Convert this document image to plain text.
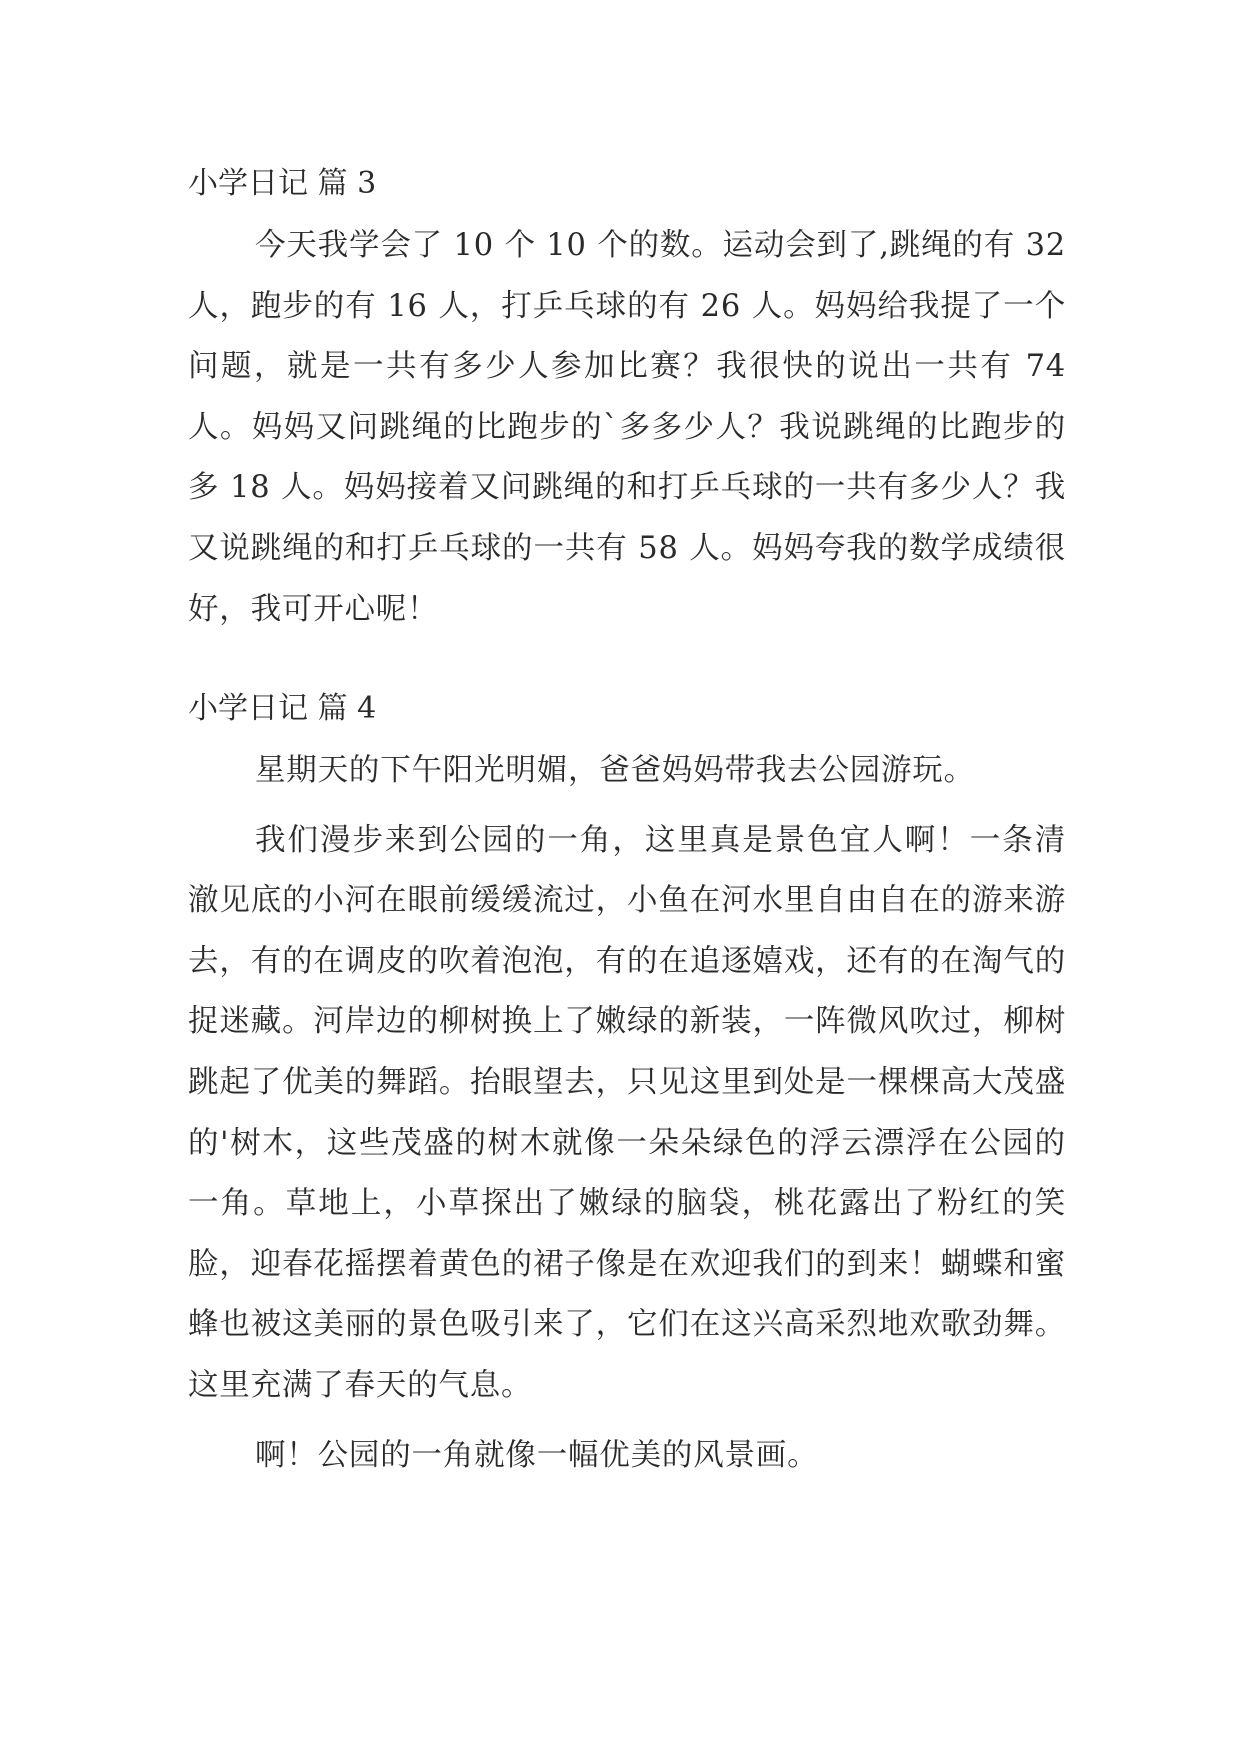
小学日记 篇 3

今天我学会了 10 个 10 个的数。运动会到了,跳绳的有 32 人，跑步的有 16 人，打乒乓球的有 26 人。妈妈给我提了一个问题，就是一共有多少人参加比赛？我很快的说出一共有 74 人。妈妈又问跳绳的比跑步的`多多少人？我说跳绳的比跑步的多 18 人。妈妈接着又问跳绳的和打乒乓球的一共有多少人？我又说跳绳的和打乒乓球的一共有 58 人。妈妈夸我的数学成绩很好，我可开心呢！

小学日记 篇 4

星期天的下午阳光明媚，爸爸妈妈带我去公园游玩。

我们漫步来到公园的一角，这里真是景色宜人啊！一条清澈见底的小河在眼前缓缓流过，小鱼在河水里自由自在的游来游去，有的在调皮的吹着泡泡，有的在追逐嬉戏，还有的在淘气的捉迷藏。河岸边的柳树换上了嫩绿的新装，一阵微风吹过，柳树跳起了优美的舞蹈。抬眼望去，只见这里到处是一棵棵高大茂盛的'树木，这些茂盛的树木就像一朵朵绿色的浮云漂浮在公园的一角。草地上，小草探出了嫩绿的脑袋，桃花露出了粉红的笑脸，迎春花摇摆着黄色的裙子像是在欢迎我们的到来！蝴蝶和蜜蜂也被这美丽的景色吸引来了，它们在这兴高采烈地欢歌劲舞。这里充满了春天的气息。

啊！公园的一角就像一幅优美的风景画。
